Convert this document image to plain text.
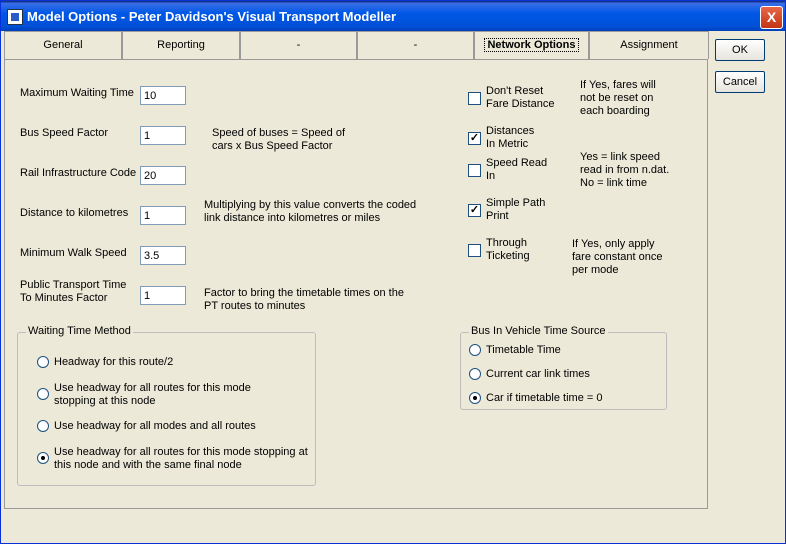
Model Options - Peter Davidson's Visual Transport Modeller	X
General	Reporting	-	-	Network Options	Assignment	OK
Cancel
Maximum Waiting Time
10
Bus Speed Factor
1	Speed of buses = Speed of
cars x Bus Speed Factor
Rail Infrastructure Code
20
Distance to kilometres
1
Multiplying by this value converts the coded
link distance into kilometres or miles
Minimum Walk Speed
3.5
Public Transport Time
To Minutes Factor
1	Factor to bring the timetable times on the
PT routes to minutes
Don't Reset
Fare Distance
If Yes, fares will
not be reset on
each boarding
✓
Distances
In Metric
Speed Read
In
Yes = link speed
read in from n.dat.
No = link time
✓
Simple Path
Print
Through
Ticketing
If Yes, only apply
fare constant once
per mode
Waiting Time Method
Headway for this route/2
Use headway for all routes for this mode
stopping at this node
Use headway for all modes and all routes
Use headway for all routes for this mode stopping at
this node and with the same final node
Bus In Vehicle Time Source
Timetable Time
Current car link times
Car if timetable time = 0
